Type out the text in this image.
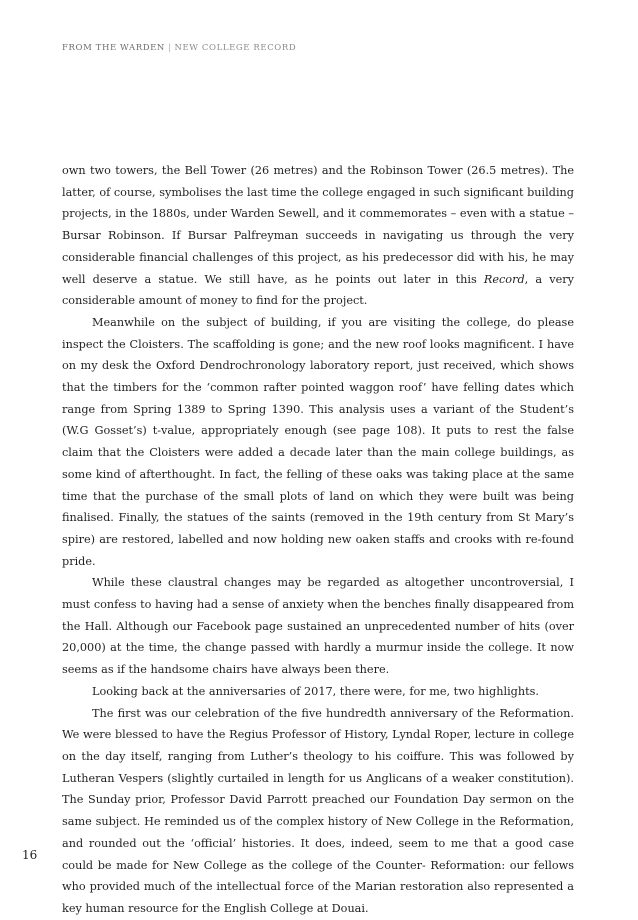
FROM THE WARDEN | NEW COLLEGE RECORD

own two towers, the Bell Tower (26 metres) and the Robinson Tower (26.5 metres). The latter, of course, symbolises the last time the college engaged in such significant building projects, in the 1880s, under Warden Sewell, and it commemorates – even with a statue – Bursar Robinson. If Bursar Palfreyman succeeds in navigating us through the very considerable financial challenges of this project, as his predecessor did with his, he may well deserve a statue. We still have, as he points out later in this Record, a very considerable amount of money to find for the project.

Meanwhile on the subject of building, if you are visiting the college, do please inspect the Cloisters. The scaffolding is gone; and the new roof looks magnificent. I have on my desk the Oxford Dendrochronology laboratory report, just received, which shows that the timbers for the ‘common rafter pointed waggon roof’ have felling dates which range from Spring 1389 to Spring 1390. This analysis uses a variant of the Student’s (W.G Gosset’s) t-value, appropriately enough (see page 108). It puts to rest the false claim that the Cloisters were added a decade later than the main college buildings, as some kind of afterthought. In fact, the felling of these oaks was taking place at the same time that the purchase of the small plots of land on which they were built was being finalised. Finally, the statues of the saints (removed in the 19th century from St Mary’s spire) are restored, labelled and now holding new oaken staffs and crooks with re-found pride.

While these claustral changes may be regarded as altogether uncontroversial, I must confess to having had a sense of anxiety when the benches finally disappeared from the Hall. Although our Facebook page sustained an unprecedented number of hits (over 20,000) at the time, the change passed with hardly a murmur inside the college. It now seems as if the handsome chairs have always been there.

Looking back at the anniversaries of 2017, there were, for me, two highlights.

The first was our celebration of the five hundredth anniversary of the Reformation. We were blessed to have the Regius Professor of History, Lyndal Roper, lecture in college on the day itself, ranging from Luther’s theology to his coiffure. This was followed by Lutheran Vespers (slightly curtailed in length for us Anglicans of a weaker constitution). The Sunday prior, Professor David Parrott preached our Foundation Day sermon on the same subject. He reminded us of the complex history of New College in the Reformation, and rounded out the ‘official’ histories. It does, indeed, seem to me that a good case could be made for New College as the college of the Counter- Reformation: our fellows who provided much of the intellectual force of the Marian restoration also represented a key human resource for the English College at Douai.

16
